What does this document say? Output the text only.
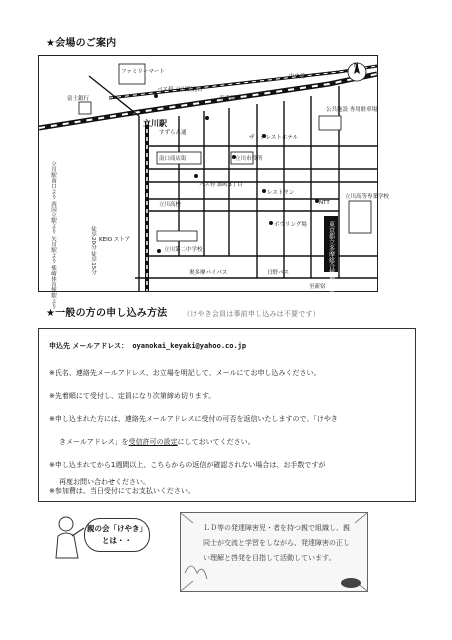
★会場のご案内
東京都立多摩総合精神保健福祉センター
N
ファミリーマート
富士銀行
バス停 立川駅北口
すずらん通
立川駅
南口商店街	立川市役所
立川高校
バス停 錦町3丁目
レストラン
ボウリング場
NTT
立川高等専業学校
ザ・クレストホテル
公共施設 専用駐車場
立川第二中学校
奥多摩バイパス	日野バス
至新宿
中央線
南武線
KEIO ストア
立川駅南口より 西国立駅より 矢川駅より 柴崎体育館駅より	徒歩20分 徒歩15分
★一般の方の申し込み方法 （けやき会員は事前申し込みは不要です）
申込先 メールアドレス： oyanokai_keyaki@yahoo.co.jp
※氏名、連絡先メールアドレス、お立場を明記して、メールにてお申し込みください。
※先着順にて受付し、定員になり次第締め切ります。
※申し込まれた方には、連絡先メールアドレスに受付の可否を返信いたしますので、「けやき
きメールアドレス」を受信許可の設定にしておいてください。
※申し込まれてから1週間以上、こちらからの返信が確認されない場合は、お手数ですが
再度お問い合わせください。
※参加費は、当日受付にてお支払いください。
親の会「けやき」
とは・・
ＬＤ等の発達障害児・者を持つ親で組織し、親同士が交流と学習をしながら、発達障害の正しい理解と啓発を目指して活動しています。
